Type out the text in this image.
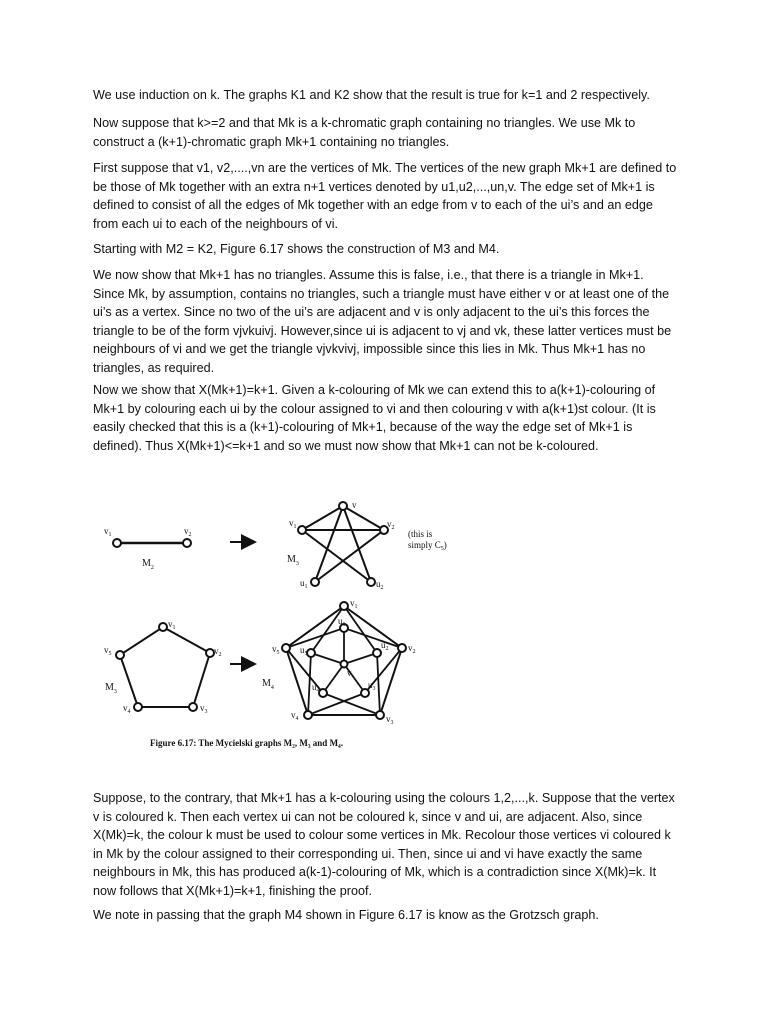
We use induction on k. The graphs K1 and K2 show that the result is true for k=1 and 2 respectively.

Now suppose that k>=2 and that Mk is a k-chromatic graph containing no triangles. We use Mk to construct a (k+1)-chromatic graph Mk+1 containing no triangles.

First suppose that v1, v2,....,vn are the vertices of Mk. The vertices of the new graph Mk+1 are defined to be those of Mk together with an extra n+1 vertices denoted by u1,u2,...,un,v. The edge set of Mk+1 is defined to consist of all the edges of Mk together with an edge from v to each of the ui’s and an edge from each ui to each of the neighbours of vi.

Starting with M2 = K2, Figure 6.17 shows the construction of M3 and M4.

We now show that Mk+1 has no triangles. Assume this is false, i.e., that there is a triangle in Mk+1. Since Mk, by assumption, contains no triangles, such a triangle must have either v or at least one of the ui’s as a vertex. Since no two of the ui’s are adjacent and v is only adjacent to the ui’s this forces the triangle to be of the form vjvkuivj. However,since ui is adjacent to vj and vk, these latter vertices must be neighbours of vi and we get the triangle vjvkvivj, impossible since this lies in Mk. Thus Mk+1 has no triangles, as required.

Now we show that X(Mk+1)=k+1. Given a k-colouring of Mk we can extend this to a(k+1)-colouring of Mk+1 by colouring each ui by the colour assigned to vi and then colouring v with a(k+1)st colour. (It is easily checked that this is a (k+1)-colouring of Mk+1, because of the way the edge set of Mk+1 is defined). Thus X(Mk+1)<=k+1 and so we must now show that Mk+1 can not be k-coloured.

$v_1$	$v_2$
$M_2$
v
$v_1$	$v_2$
$u_1$	$u_2$
$M_3$
(this is
simply $C_5$)
$v_1$
$v_2$
$v_3$
$v_4$
$v_5$
$M_3$
$v_1$
$v_2$
$v_3$
$v_4$
$v_5$
$u_1$
$u_2$
$u_3$
$u_4$
$u_5$
v
$M_4$
Figure 6.17: The Mycielski graphs M₂, M₃ and M₄.

Suppose, to the contrary, that Mk+1 has a k-colouring using the colours 1,2,...,k. Suppose that the vertex v is coloured k. Then each vertex ui can not be coloured k, since v and ui, are adjacent. Also, since X(Mk)=k, the colour k must be used to colour some vertices in Mk. Recolour those vertices vi coloured k in Mk by the colour assigned to their corresponding ui. Then, since ui and vi have exactly the same neighbours in Mk, this has produced a(k-1)-colouring of Mk, which is a contradiction since X(Mk)=k. It now follows that X(Mk+1)=k+1, finishing the proof.

We note in passing that the graph M4 shown in Figure 6.17 is know as the Grotzsch graph.
